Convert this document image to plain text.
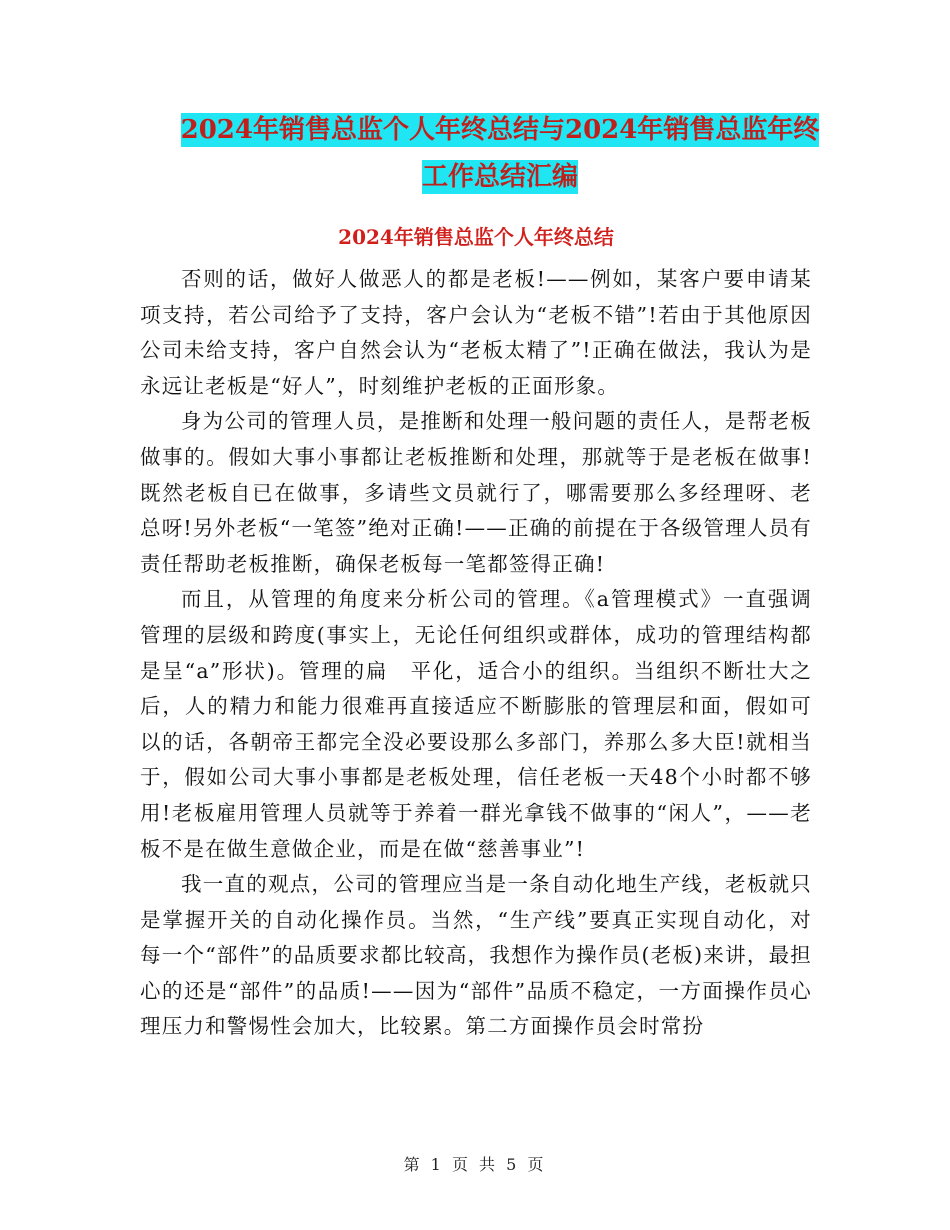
2024年销售总监个人年终总结与2024年销售总监年终
工作总结汇编
2024年销售总监个人年终总结

否则的话，做好人做恶人的都是老板!——例如，某客户要申请某项支持，若公司给予了支持，客户会认为“老板不错”!若由于其他原因公司未给支持，客户自然会认为“老板太精了”!正确在做法，我认为是永远让老板是“好人”，时刻维护老板的正面形象。

身为公司的管理人员，是推断和处理一般问题的责任人，是帮老板做事的。假如大事小事都让老板推断和处理，那就等于是老板在做事!既然老板自已在做事，多请些文员就行了，哪需要那么多经理呀、老总呀!另外老板“一笔签”绝对正确!——正确的前提在于各级管理人员有责任帮助老板推断，确保老板每一笔都签得正确!

而且，从管理的角度来分析公司的管理。《a管理模式》一直强调管理的层级和跨度(事实上，无论任何组织或群体，成功的管理结构都是呈“a”形状)。管理的扁　平化，适合小的组织。当组织不断壮大之后，人的精力和能力很难再直接适应不断膨胀的管理层和面，假如可以的话，各朝帝王都完全没必要设那么多部门，养那么多大臣!就相当于，假如公司大事小事都是老板处理，信任老板一天48个小时都不够用!老板雇用管理人员就等于养着一群光拿钱不做事的“闲人”，——老板不是在做生意做企业，而是在做“慈善事业”!

我一直的观点，公司的管理应当是一条自动化地生产线，老板就只是掌握开关的自动化操作员。当然，“生产线”要真正实现自动化，对每一个“部件”的品质要求都比较高，我想作为操作员(老板)来讲，最担心的还是“部件”的品质!——因为“部件”品质不稳定，一方面操作员心理压力和警惕性会加大，比较累。第二方面操作员会时常扮

第 1 页 共 5 页
